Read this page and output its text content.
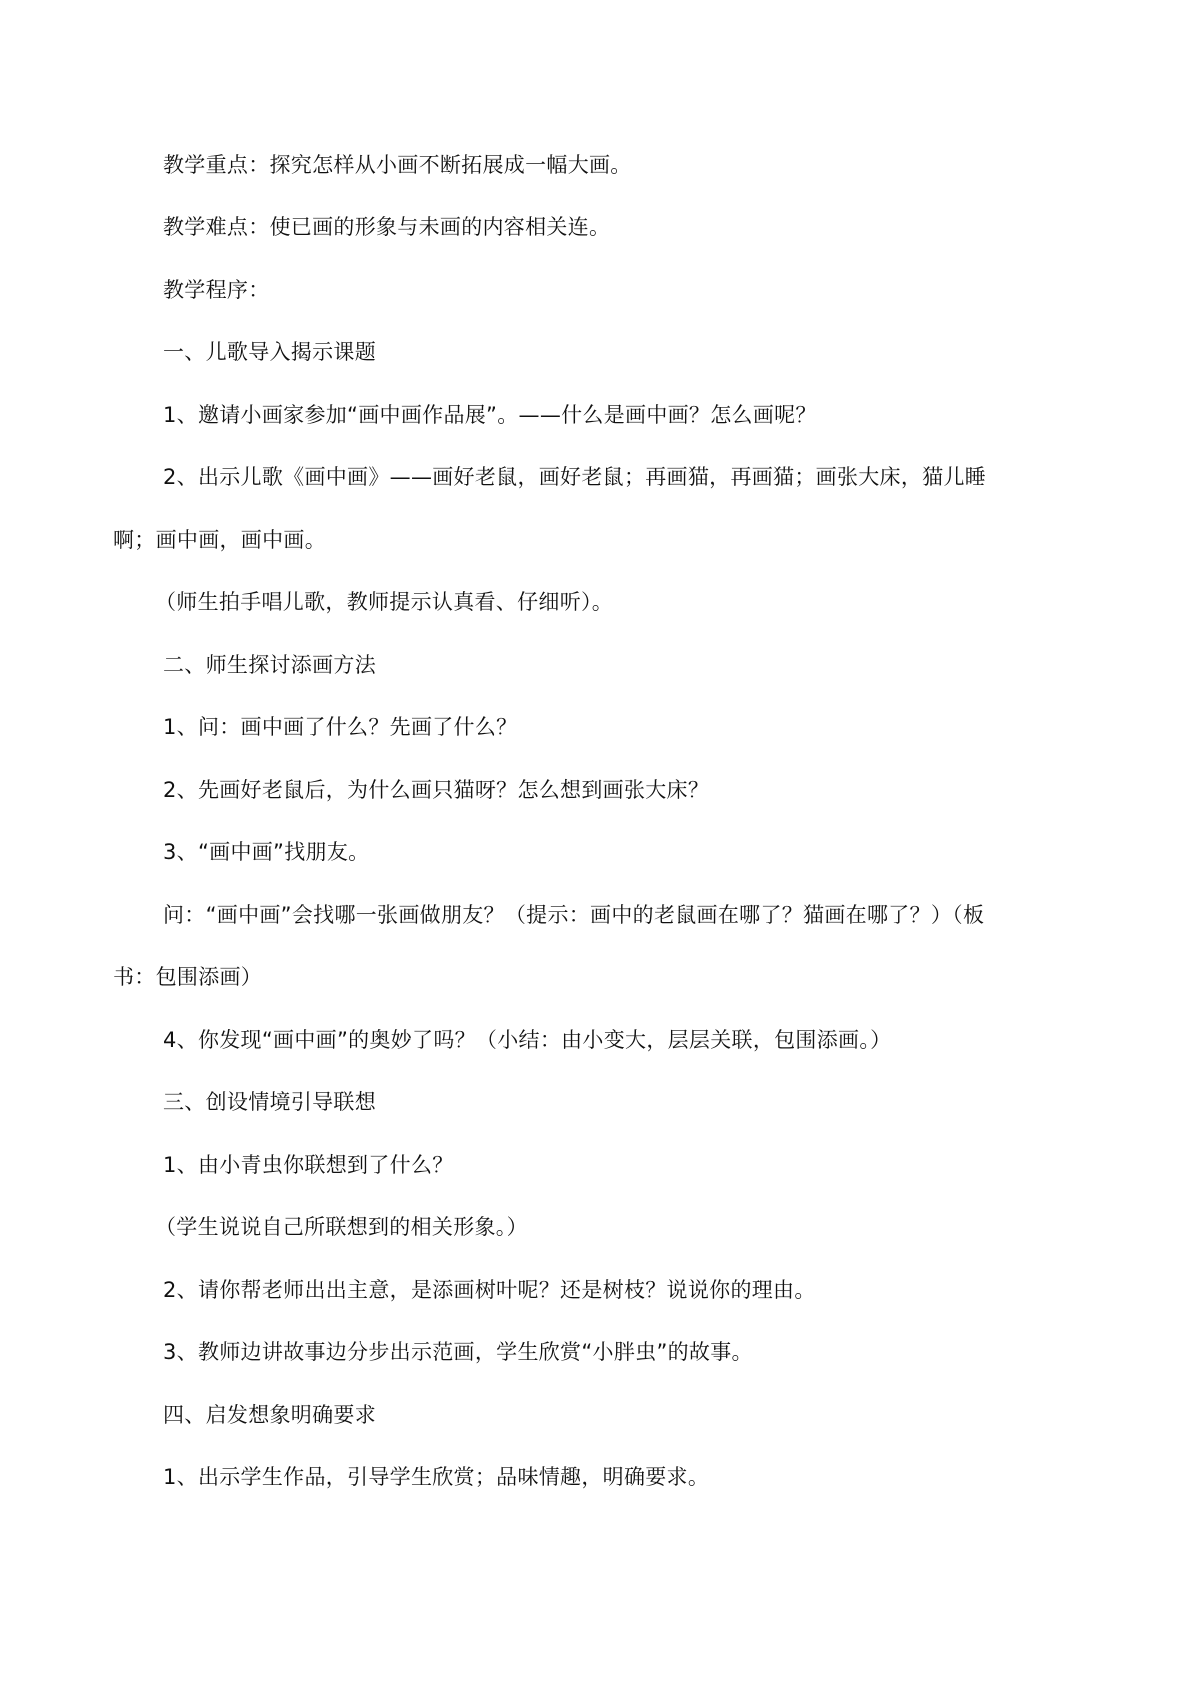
教学重点：探究怎样从小画不断拓展成一幅大画。

教学难点：使已画的形象与未画的内容相关连。

教学程序：

一、儿歌导入揭示课题

1、邀请小画家参加“画中画作品展”。——什么是画中画？怎么画呢？

2、出示儿歌《画中画》——画好老鼠，画好老鼠；再画猫，再画猫；画张大床，猫儿睡

啊；画中画，画中画。

（师生拍手唱儿歌，教师提示认真看、仔细听）。

二、师生探讨添画方法

1、问：画中画了什么？先画了什么？

2、先画好老鼠后，为什么画只猫呀？怎么想到画张大床？

3、“画中画”找朋友。

问：“画中画”会找哪一张画做朋友？（提示：画中的老鼠画在哪了？猫画在哪了？）（板

书：包围添画）

4、你发现“画中画”的奥妙了吗？（小结：由小变大，层层关联，包围添画。）

三、创设情境引导联想

1、由小青虫你联想到了什么？

（学生说说自己所联想到的相关形象。）

2、请你帮老师出出主意，是添画树叶呢？还是树枝？说说你的理由。

3、教师边讲故事边分步出示范画，学生欣赏“小胖虫”的故事。

四、启发想象明确要求

1、出示学生作品，引导学生欣赏；品味情趣，明确要求。
